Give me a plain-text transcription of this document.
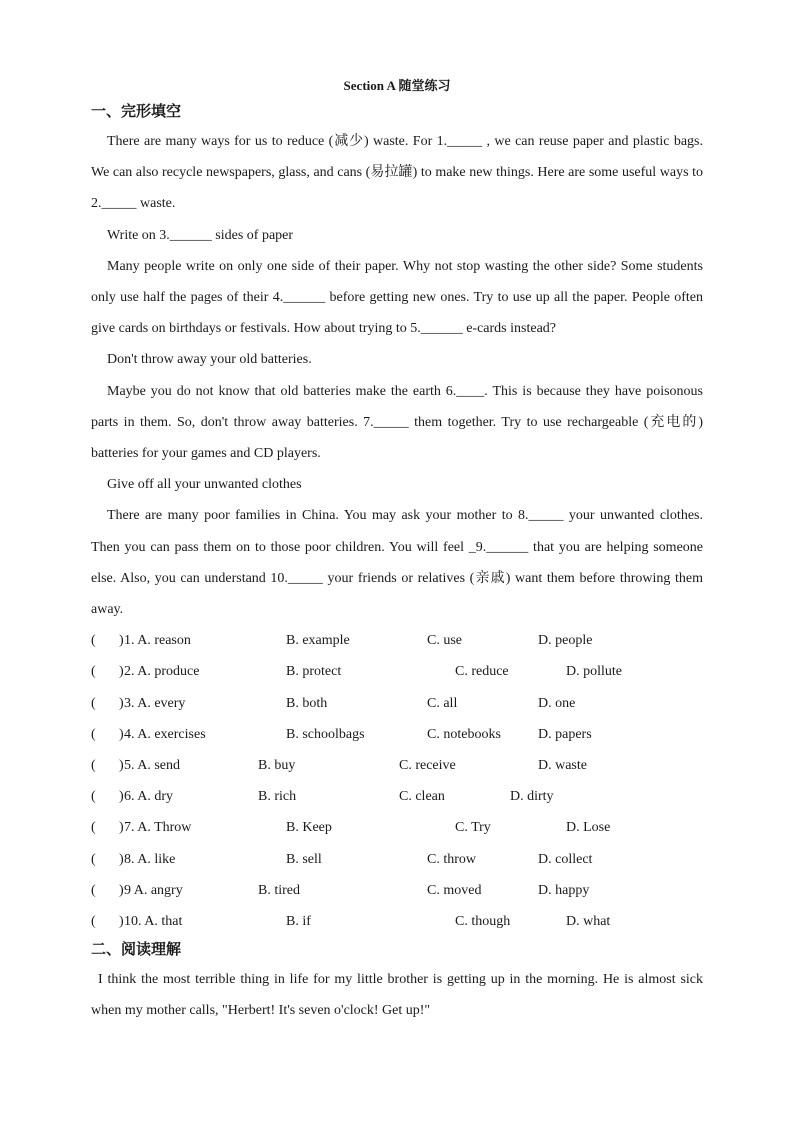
Section A 随堂练习
一、完形填空

There are many ways for us to reduce (减少) waste. For 1._____ , we can reuse paper and plastic bags. We can also recycle newspapers, glass, and cans (易拉罐) to make new things. Here are some useful ways to 2._____ waste.

Write on 3.______ sides of paper

Many people write on only one side of their paper. Why not stop wasting the other side? Some students only use half the pages of their 4.______ before getting new ones. Try to use up all the paper. People often give cards on birthdays or festivals. How about trying to 5.______ e-cards instead?

Don't throw away your old batteries.

Maybe you do not know that old batteries make the earth 6.____. This is because they have poisonous parts in them. So, don't throw away batteries. 7._____ them together. Try to use rechargeable (充电的) batteries for your games and CD players.

Give off all your unwanted clothes

There are many poor families in China. You may ask your mother to 8._____ your unwanted clothes. Then you can pass them on to those poor children. You will feel _9.______ that you are helping someone else. Also, you can understand 10._____ your friends or relatives (亲戚) want them before throwing them away.

( ) 1. A. reason	B. example	C. use	D. people
( ) 2. A. produce	B. protect	C. reduce	D. pollute
( ) 3. A. every	B. both	C. all	D. one
( ) 4. A. exercises	B. schoolbags	C. notebooks	D. papers
( ) 5. A. send	B. buy	C. receive	D. waste
( ) 6. A. dry	B. rich	C. clean	D. dirty
( ) 7. A. Throw	B. Keep	C. Try	D. Lose
( ) 8. A. like	B. sell	C. throw	D. collect
( ) 9 A. angry	B. tired	C. moved	D. happy
( ) 10. A. that	B. if	C. though	D. what
二、阅读理解

I think the most terrible thing in life for my little brother is getting up in the morning. He is almost sick when my mother calls, "Herbert! It's seven o'clock! Get up!"
